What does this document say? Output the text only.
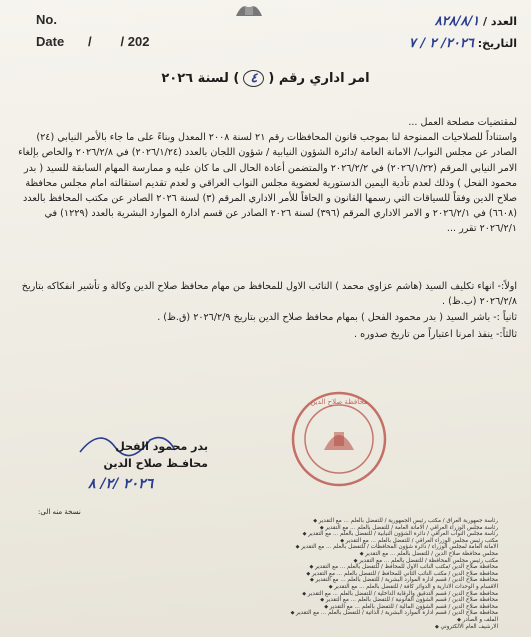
No.
Date /        / 202
العدد / ٨٢٨/٨/١
التاريخ: ٢٠٢٦/ ٢ / ٧
امر اداري رقم (٤) لسنة ٢٠٢٦

لمقتضيات مصلحة العمل ...

واستناداً للصلاحيات الممنوحة لنا بموجب قانون المحافظات رقم ٢١ لسنة ٢٠٠٨ المعدل وبناءً على ما جاء بالأمر النيابي (٢٤) الصادر عن مجلس النواب/ الامانة العامة /دائرة الشؤون النيابية / شؤون اللجان بالعدد (٢٠٢٦/١/٢٤) في ٢٠٢٦/٢/٨ والخاص بإلغاء الامر النيابي المرقم (٢٠٢٦/١/٢٢) في ٢٠٢٦/٢/٢ والمتضمن أعادة الحال الى ما كان عليه و ممارسة المهام السابقة للسيد ( بدر محمود الفحل ) وذلك لعدم تأدية اليمين الدستورية لعضوية مجلس النواب العراقي و لعدم تقديم استقالته امام مجلس محافظة صلاح الدين وفقاً للسياقات التي رسمها القانون و الحاقاً للأمر الاداري المرقم (٣) لسنة ٢٠٢٦ الصادر عن مكتب المحافظ بالعدد (٦٦٠٨) في ٢٠٢٦/٢/١ و الامر الاداري المرقم (٣٩٦) لسنة ٢٠٢٦ الصادر عن قسم ادارة الموارد البشرية بالعدد (١٢٢٩) في ٢٠٢٦/٢/١ تقرر ...

اولاً:- انهاء تكليف السيد (هاشم عزاوي محمد ) النائب الاول للمحافظ من مهام محافظ صلاح الدين وكالة و تأشير انفكاكه بتاريخ ٢٠٢٦/٢/٨ (ب.ظ) .

ثانياً :- باشر السيد ( بدر محمود الفحل ) بمهام محافظ صلاح الدين بتاريخ ٢٠٢٦/٢/٩ (ق.ظ) .

ثالثاً:- ينفذ امرنا اعتباراً من تاريخ صدوره .

محافظة صلاح الدين
بدر محمود الفحل
محافـظ صلاح الدين
٢٠٢٦ /٢/ ٨
نسخة منه الى:
رئاسة جمهورية العراق / مكتب رئيس الجمهورية / للتفضل بالعلم ... مع التقدير ◆
رئاسة مجلس الوزراء العراقي / الامانة العامة / للتفضل بالعلم ... مع التقدير ◆
رئاسة مجلس النواب العراقي / دائرة الشؤون النيابية / للتفضل بالعلم ... مع التقدير ◆
مكتب رئيس مجلس الوزراء العراقي / للتفضل بالعلم ... مع التقدير ◆
الامانة العامة لمجلس الوزراء / دائرة شؤون المحافظات / للتفضل بالعلم ... مع التقدير ◆
مجلس محافظة صلاح الدين / للتفضل بالعلم ... مع التقدير ◆
مكتب رئيس مجلس المحافظة / للتفضل بالعلم ... مع التقدير ◆
محافظة صلاح الدين /مكتب النائب الاول للمحافظ / للتفضل بالعلم ... مع التقدير ◆
محافظة صلاح الدين / مكتب النائب الثاني للمحافظ / للتفضل بالعلم ... مع التقدير ◆
محافظة صلاح الدين / قسم ادارة الموارد البشرية / للتفضل بالعلم ... مع التقدير ◆
الاقسام و الوحدات الادارية و الدوائر كافة / للتفضل بالعلم ... مع التقدير ◆
محافظة صلاح الدين / قسم التدقيق والرقابة الداخلية / للتفضل بالعلم ... مع التقدير ◆
محافظة صلاح الدين / قسم الشؤون القانونية / للتفضل بالعلم ... مع التقدير ◆
محافظة صلاح الدين / قسم الشؤون المالية / للتفضل بالعلم ... مع التقدير ◆
محافظة صلاح الدين / قسم ادارة الموارد البشرية / الذاتية / للتفضل بالعلم ... مع التقدير ◆
الملف و الصادر ◆
الارشيف العام الالكتروني ◆
